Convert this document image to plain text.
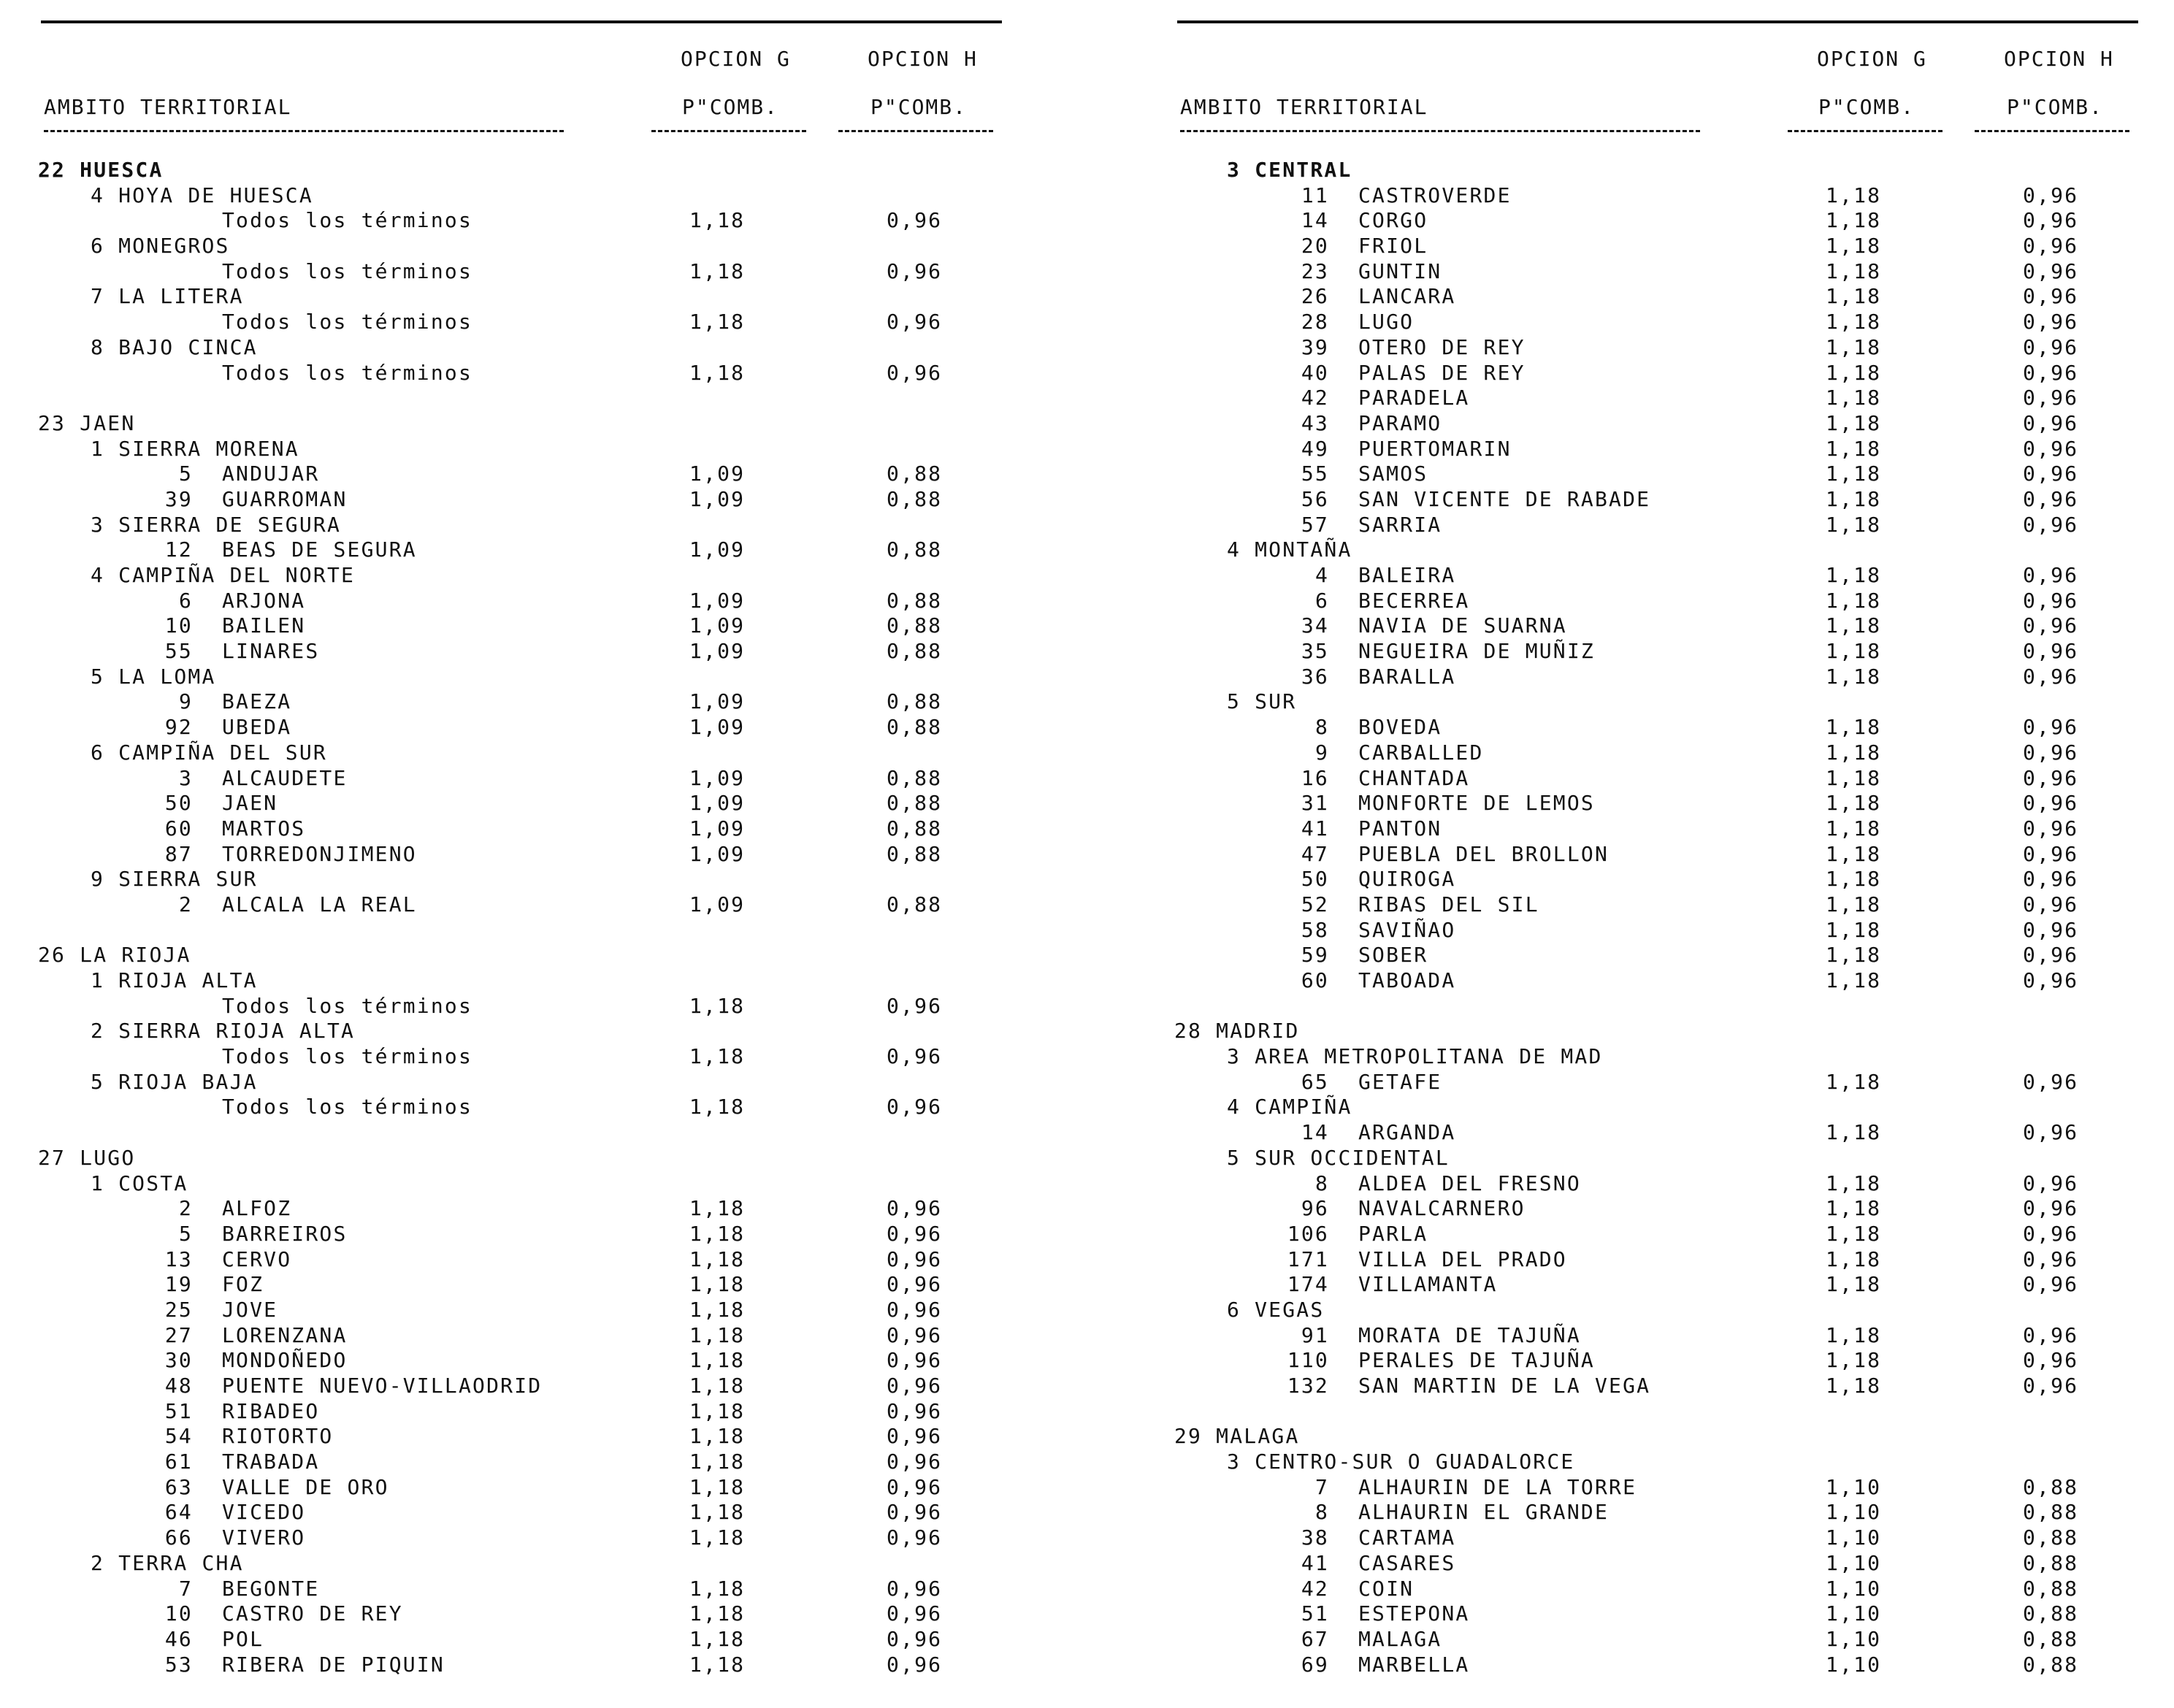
OPCION G	OPCION H
AMBITO TERRITORIAL	P"COMB.	P"COMB.
22 HUESCA
4 HOYA DE HUESCA
Todos los términos	1,18	0,96
6 MONEGROS
Todos los términos	1,18	0,96
7 LA LITERA
Todos los términos	1,18	0,96
8 BAJO CINCA
Todos los términos	1,18	0,96
23 JAEN
1 SIERRA MORENA
5 ANDUJAR	1,09	0,88
39 GUARROMAN	1,09	0,88
3 SIERRA DE SEGURA
12 BEAS DE SEGURA	1,09	0,88
4 CAMPIÑA DEL NORTE
6 ARJONA	1,09	0,88
10 BAILEN	1,09	0,88
55 LINARES	1,09	0,88
5 LA LOMA
9 BAEZA	1,09	0,88
92 UBEDA	1,09	0,88
6 CAMPIÑA DEL SUR
3 ALCAUDETE	1,09	0,88
50 JAEN	1,09	0,88
60 MARTOS	1,09	0,88
87 TORREDONJIMENO	1,09	0,88
9 SIERRA SUR
2 ALCALA LA REAL	1,09	0,88
26 LA RIOJA
1 RIOJA ALTA
Todos los términos	1,18	0,96
2 SIERRA RIOJA ALTA
Todos los términos	1,18	0,96
5 RIOJA BAJA
Todos los términos	1,18	0,96
27 LUGO
1 COSTA
2 ALFOZ	1,18	0,96
5 BARREIROS	1,18	0,96
13 CERVO	1,18	0,96
19 FOZ	1,18	0,96
25 JOVE	1,18	0,96
27 LORENZANA	1,18	0,96
30 MONDOÑEDO	1,18	0,96
48 PUENTE NUEVO-VILLAODRID	1,18	0,96
51 RIBADEO	1,18	0,96
54 RIOTORTO	1,18	0,96
61 TRABADA	1,18	0,96
63 VALLE DE ORO	1,18	0,96
64 VICEDO	1,18	0,96
66 VIVERO	1,18	0,96
2 TERRA CHA
7 BEGONTE	1,18	0,96
10 CASTRO DE REY	1,18	0,96
46 POL	1,18	0,96
53 RIBERA DE PIQUIN	1,18	0,96
OPCION G	OPCION H
AMBITO TERRITORIAL	P"COMB.	P"COMB.
3 CENTRAL
11 CASTROVERDE	1,18	0,96
14 CORGO	1,18	0,96
20 FRIOL	1,18	0,96
23 GUNTIN	1,18	0,96
26 LANCARA	1,18	0,96
28 LUGO	1,18	0,96
39 OTERO DE REY	1,18	0,96
40 PALAS DE REY	1,18	0,96
42 PARADELA	1,18	0,96
43 PARAMO	1,18	0,96
49 PUERTOMARIN	1,18	0,96
55 SAMOS	1,18	0,96
56 SAN VICENTE DE RABADE	1,18	0,96
57 SARRIA	1,18	0,96
4 MONTAÑA
4 BALEIRA	1,18	0,96
6 BECERREA	1,18	0,96
34 NAVIA DE SUARNA	1,18	0,96
35 NEGUEIRA DE MUÑIZ	1,18	0,96
36 BARALLA	1,18	0,96
5 SUR
8 BOVEDA	1,18	0,96
9 CARBALLED	1,18	0,96
16 CHANTADA	1,18	0,96
31 MONFORTE DE LEMOS	1,18	0,96
41 PANTON	1,18	0,96
47 PUEBLA DEL BROLLON	1,18	0,96
50 QUIROGA	1,18	0,96
52 RIBAS DEL SIL	1,18	0,96
58 SAVIÑAO	1,18	0,96
59 SOBER	1,18	0,96
60 TABOADA	1,18	0,96
28 MADRID
3 AREA METROPOLITANA DE MAD
65 GETAFE	1,18	0,96
4 CAMPIÑA
14 ARGANDA	1,18	0,96
5 SUR OCCIDENTAL
8 ALDEA DEL FRESNO	1,18	0,96
96 NAVALCARNERO	1,18	0,96
106 PARLA	1,18	0,96
171 VILLA DEL PRADO	1,18	0,96
174 VILLAMANTA	1,18	0,96
6 VEGAS
91 MORATA DE TAJUÑA	1,18	0,96
110 PERALES DE TAJUÑA	1,18	0,96
132 SAN MARTIN DE LA VEGA	1,18	0,96
29 MALAGA
3 CENTRO-SUR O GUADALORCE
7 ALHAURIN DE LA TORRE	1,10	0,88
8 ALHAURIN EL GRANDE	1,10	0,88
38 CARTAMA	1,10	0,88
41 CASARES	1,10	0,88
42 COIN	1,10	0,88
51 ESTEPONA	1,10	0,88
67 MALAGA	1,10	0,88
69 MARBELLA	1,10	0,88
